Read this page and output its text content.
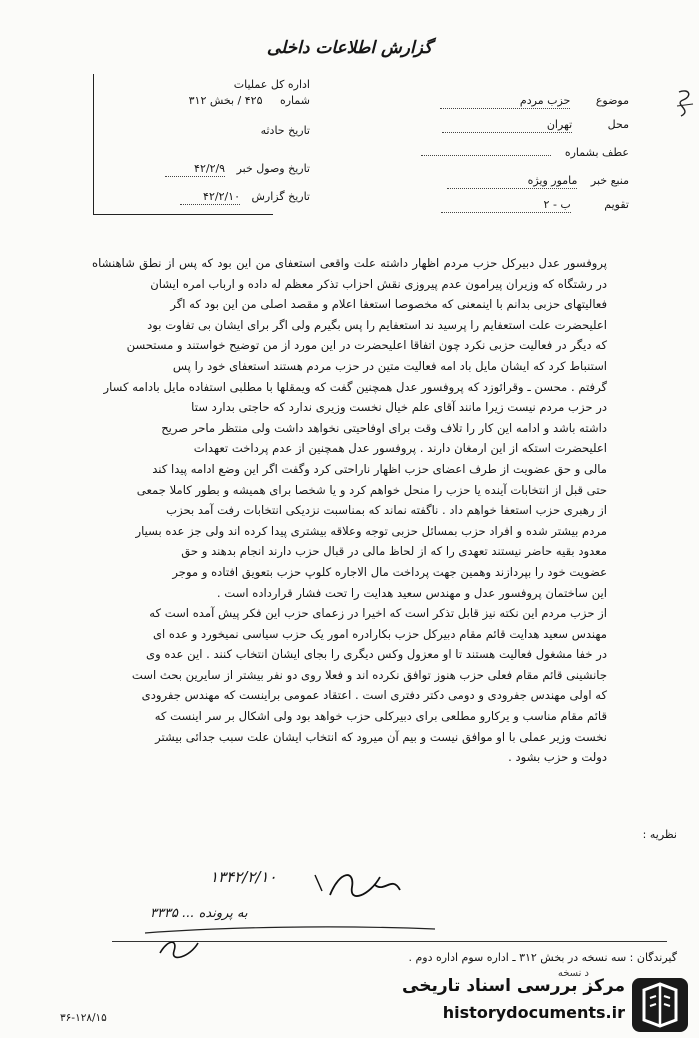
گزارش اطلاعات داخلی
موضوع حزب مردم
محل تهران
عطف بشماره
منبع خبر مامور ویژه
تقویم ب - ۲
اداره کل عملیات
شماره ۴۲۵ / بخش ۳۱۲
تاریخ حادثه
تاریخ وصول خبر ۴۲/۲/۹
تاریخ گزارش ۴۲/۲/۱۰

پروفسور عدل دبیرکل حزب مردم اظهار داشته علت واقعی استعفای من این بود که پس از نطق شاهنشاه در رشتگاه که وزیران پیرامون عدم پیروزی نقش احزاب تذکر معظم له داده و ارباب امره ایشان

فعالیتهای حزبی بدانم با اینمعنی که مخصوصا استعفا اعلام و مقصد اصلی من این بود که اگر

اعلیحضرت علت استعفایم را پرسید ند استعفایم را پس بگیرم ولی اگر برای ایشان بی تفاوت بود

که دیگر در فعالیت حزبی نکرد چون اتفاقا اعلیحضرت در این مورد از من توضیح خواستند و مستحسن

استنباط کرد که ایشان مایل باد امه فعالیت متین در حزب مردم هستند استعفای خود را پس

گرفتم . محسن ـ وقرائوزد که پروفسور عدل همچنین گفت که ویمقلها با مطلبی استفاده مایل بادامه کسار

در حزب مردم نیست زیرا مانند آقای علم خیال نخست وزیری ندارد که حاجتی بدارد ستا

داشته باشد و ادامه این کار را تلاف وقت برای اوفاحیتی نخواهد داشت ولی منتظر ماحر صریح

اعلیحضرت استکه از این ارمغان دارند . پروفسور عدل همچنین از عدم پرداخت تعهدات

مالی و حق عضویت از طرف اعضای حزب اظهار ناراحتی کرد وگفت اگر این وضع ادامه پیدا کند

حتی قبل از انتخابات آینده یا حزب را منحل خواهم کرد و یا شخصا برای همیشه و بطور کاملا جمعی

از رهبری حزب استعفا خواهم داد . ناگفته نماند که بمناسبت نزدیکی انتخابات رفت آمد بحزب

مردم بیشتر شده و افراد حزب بمسائل حزبی توجه وعلاقه بیشتری پیدا کرده اند ولی جز عده بسیار

معدود بقیه حاضر نیستند تعهدی را که از لحاظ مالی در قبال حزب دارند انجام بدهند و حق

عضویت خود را بپردازند وهمین جهت پرداخت مال الاجاره کلوپ حزب بتعویق افتاده و موجر

این ساختمان پروفسور عدل و مهندس سعید هدایت را تحت فشار قرارداده است .

از حزب مردم این نکته نیز قابل تذکر است که اخیرا در زعمای حزب این فکر پیش آمده است که

مهندس سعید هدایت قائم مقام دبیرکل حزب بکارادره امور یک حزب سیاسی نمیخورد و عده ای

در خفا مشغول فعالیت هستند تا او معزول وکس دیگری را بجای ایشان انتخاب کنند . این عده وی

جانشینی قائم مقام فعلی حزب هنوز توافق نکرده اند و فعلا روی دو نفر بیشتر از سایرین بحث است

که اولی مهندس جفرودی و دومی دکتر دفتری است . اعتقاد عمومی براینست که مهندس جفرودی

قائم مقام مناسب و یرکارو مطلعی برای دبیرکلی حزب خواهد بود ولی اشکال بر سر اینست که

نخست وزیر عملی با او موافق نیست و بیم آن میرود که انتخاب ایشان علت سبب جدائی بیشتر

دولت و حزب بشود .

نظریه :
۱۳۴۲/۲/۱۰
به پرونده ... ۳۳۳۵
گیرندگان : سه نسخه در بخش ۳۱۲ ـ اداره سوم اداره دوم .
د نسخه
۳۶-۱۲۸/۱۵
مرکز بررسی اسناد تاریخی
historydocuments.ir
